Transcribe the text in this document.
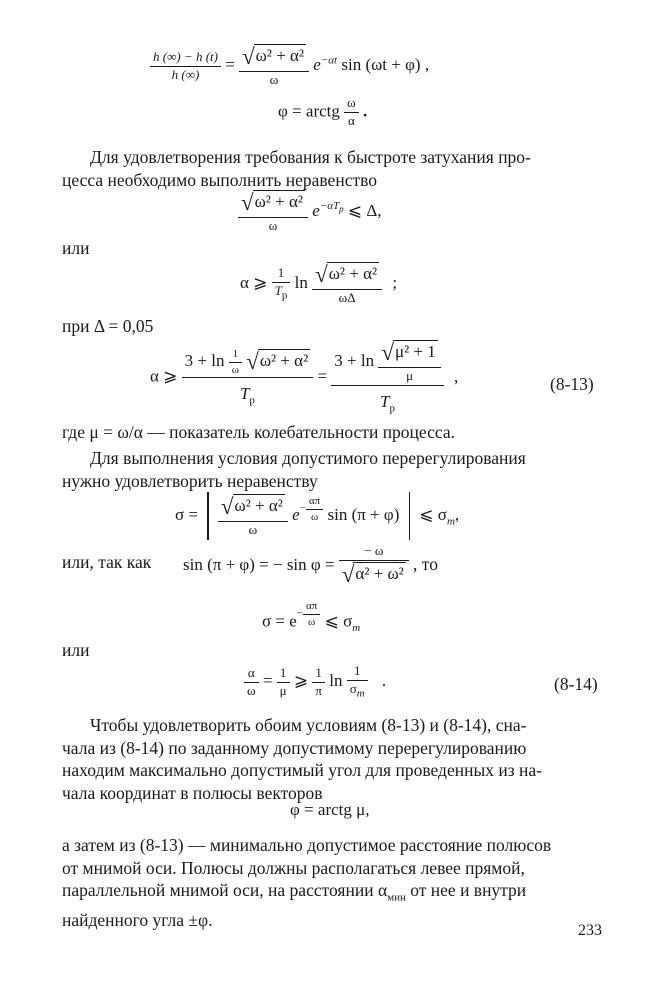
$\frac{h (\infty) - h (t)}{h (\infty)} = \frac{\text{√ω² + α²}}{\omega} e^{-\alpha t}$ sin (ωt + φ) ,
φ = arctg $\frac{\omega}{\alpha}$ .

Для удовлетворения требования к быстроте затухания про-

цесса необходимо выполнить неравенство

$\frac{\text{√ω² + α²}}{\omega} e^{-\alpha T_р}$ ⩽ Δ,
или
α ⩾ $\frac{1}{T_р}$ $\ln \frac{\text{√ω² + α²}}{\omega\Delta}$ ;
при Δ = 0,05
α ⩾ $\frac{3 + \ln \frac{1}{\omega} √\omega^2 + \alpha^2}{T_р} = \frac{3 + \ln \frac{\text{√μ² + 1}}{\mu}}{T_р}$ ,	(8-13)
где μ = ω/α — показатель колебательности процесса.

Для выполнения условия допустимого перерегулирования

нужно удовлетворить неравенству

$\sigma = \frac{\text{√ω² + α²}}{\omega} e^{- \frac{\alpha\pi}{\omega}}$ sin (π + φ) ⩽ $\sigma_m$,
или, так как sin (π + φ) = − $\sin \varphi = \frac{- \omega}{\text{√α² + ω²}}$ , то
$\sigma = e^{- \frac{\alpha\pi}{\omega}}$ ⩽ $\sigma_m$
или
$\frac{\alpha}{\omega} = \frac{1}{\mu}$ ⩾ $\frac{1}{\pi}$ $\ln \frac{1}{\sigma_m}$ .	(8-14)

Чтобы удовлетворить обоим условиям (8-13) и (8-14), сна-

чала из (8-14) по заданному допустимому перерегулированию

находим максимально допустимый угол для проведенных из на-

чала координат в полюсы векторов

φ = arctg μ,

а затем из (8-13) — минимально допустимое расстояние полюсов

от мнимой оси. Полюсы должны располагаться левее прямой,

параллельной мнимой оси, на расстоянии $\alpha_{мин}$ от нее и внутри

найденного угла ±φ.

233
